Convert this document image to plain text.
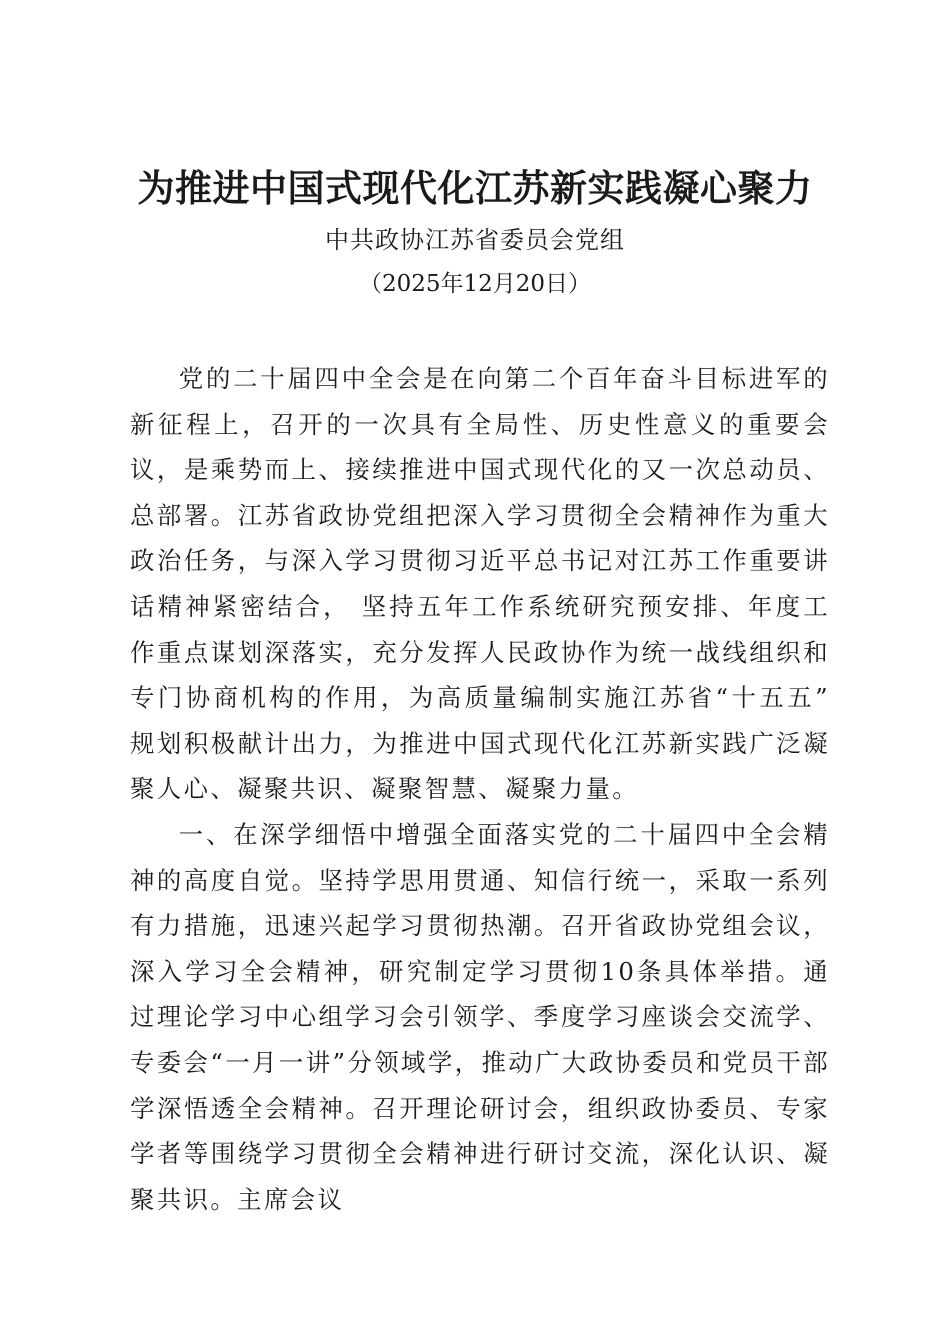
为推进中国式现代化江苏新实践凝心聚力
中共政协江苏省委员会党组
（2025年12月20日）

党的二十届四中全会是在向第二个百年奋斗目标进军的新征程上，召开的一次具有全局性、历史性意义的重要会议，是乘势而上、接续推进中国式现代化的又一次总动员、总部署。江苏省政协党组把深入学习贯彻全会精神作为重大政治任务，与深入学习贯彻习近平总书记对江苏工作重要讲话精神紧密结合， 坚持五年工作系统研究预安排、年度工作重点谋划深落实，充分发挥人民政协作为统一战线组织和专门协商机构的作用，为高质量编制实施江苏省“十五五” 规划积极献计出力，为推进中国式现代化江苏新实践广泛凝聚人心、凝聚共识、凝聚智慧、凝聚力量。

一、在深学细悟中增强全面落实党的二十届四中全会精神的高度自觉。坚持学思用贯通、知信行统一，采取一系列有力措施，迅速兴起学习贯彻热潮。召开省政协党组会议，深入学习全会精神，研究制定学习贯彻10条具体举措。通过理论学习中心组学习会引领学、季度学习座谈会交流学、专委会“一月一讲”分领域学，推动广大政协委员和党员干部学深悟透全会精神。召开理论研讨会，组织政协委员、专家学者等围绕学习贯彻全会精神进行研讨交流，深化认识、凝聚共识。主席会议
